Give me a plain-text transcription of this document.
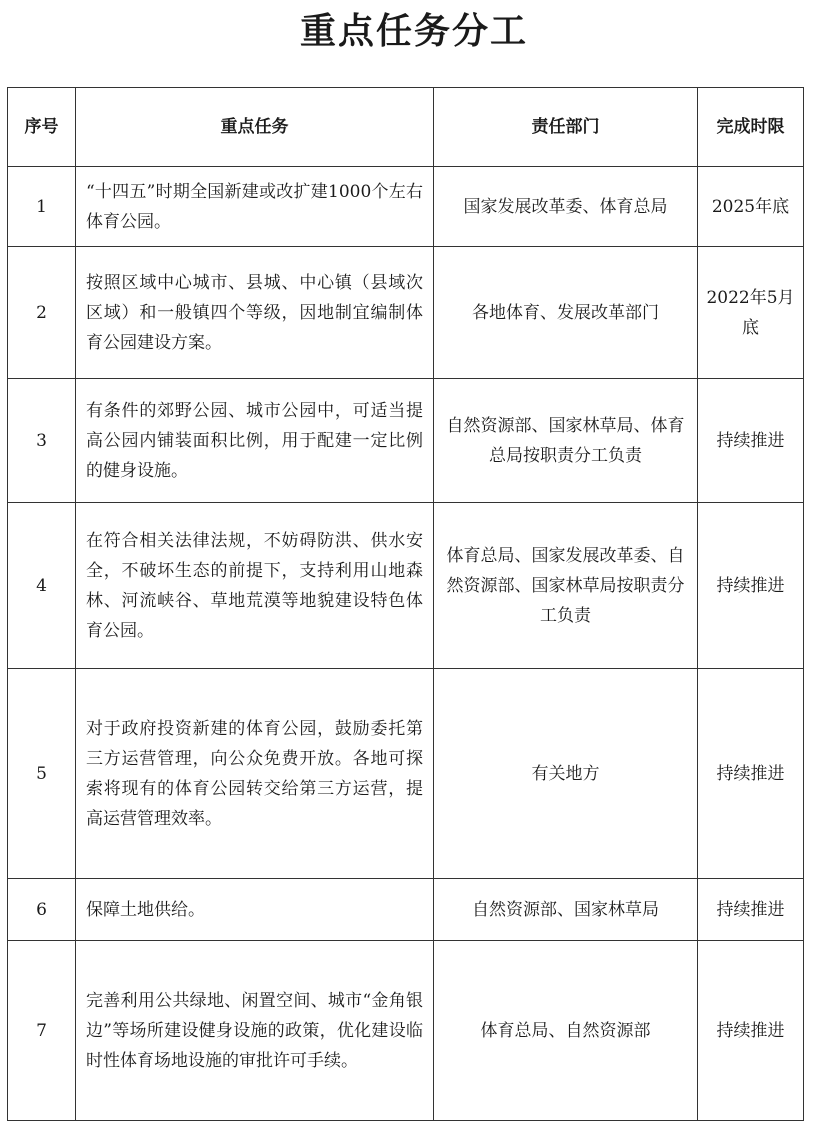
重点任务分工
序号	重点任务	责任部门	完成时限
1	“十四五”时期全国新建或改扩建1000个左右体育公园。	国家发展改革委、体育总局	2025年底
2	按照区域中心城市、县城、中心镇（县域次区域）和一般镇四个等级，因地制宜编制体育公园建设方案。	各地体育、发展改革部门	2022年5月底
3	有条件的郊野公园、城市公园中，可适当提高公园内铺装面积比例，用于配建一定比例的健身设施。	自然资源部、国家林草局、体育总局按职责分工负责	持续推进
4	在符合相关法律法规，不妨碍防洪、供水安全，不破坏生态的前提下，支持利用山地森林、河流峡谷、草地荒漠等地貌建设特色体育公园。	体育总局、国家发展改革委、自然资源部、国家林草局按职责分工负责	持续推进
5	对于政府投资新建的体育公园，鼓励委托第三方运营管理，向公众免费开放。各地可探索将现有的体育公园转交给第三方运营，提高运营管理效率。	有关地方	持续推进
6	保障土地供给。	自然资源部、国家林草局	持续推进
7	完善利用公共绿地、闲置空间、城市“金角银边”等场所建设健身设施的政策，优化建设临时性体育场地设施的审批许可手续。	体育总局、自然资源部	持续推进
